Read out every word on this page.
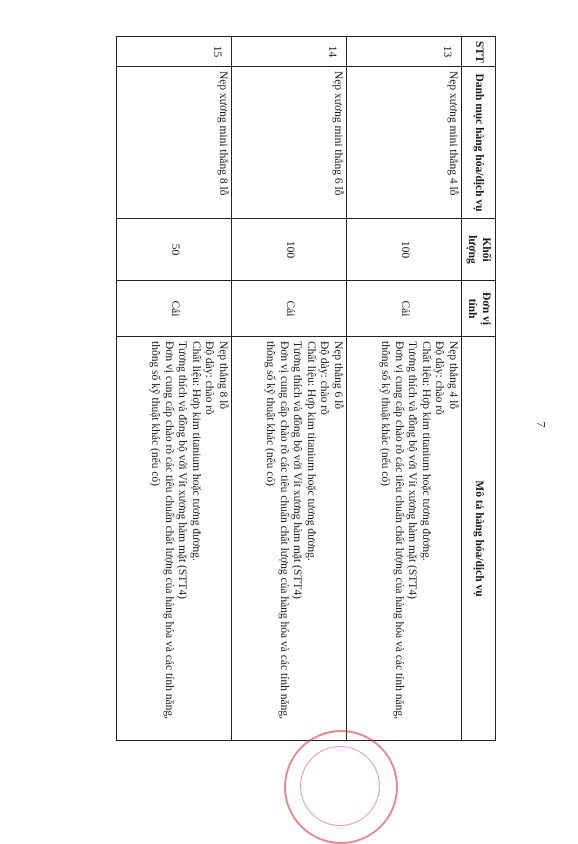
7
STT	Danh mục hàng hóa/dịch vụ	Khối lượng	Đơn vị tính	Mô tả hàng hóa/dịch vụ
13	Nẹp xương mini thẳng 4 lỗ	100	Cái	Nẹp thẳng 4 lỗ
Độ dày: chào rõ
Chất liệu: Hợp kim titanium hoặc tương đương.
Tương thích và đồng bộ với Vít xương hàm mặt (STT4)
Đơn vị cung cấp chào rõ các tiêu chuẩn chất lượng của hàng hóa và các tính năng, thông số kỹ thuật khác (nếu có)

14	Nẹp xương mini thẳng 6 lỗ	100	Cái	Nẹp thẳng 6 lỗ
Độ dày: chào rõ
Chất liệu: Hợp kim titanium hoặc tương đương.
Tương thích và đồng bộ với Vít xương hàm mặt (STT4)
Đơn vị cung cấp chào rõ các tiêu chuẩn chất lượng của hàng hóa và các tính năng, thông số kỹ thuật khác (nếu có)

15	Nẹp xương mini thẳng 8 lỗ	50	Cái	Nẹp thẳng 8 lỗ
Độ dày: chào rõ
Chất liệu: Hợp kim titanium hoặc tương đương.
Tương thích và đồng bộ với Vít xương hàm mặt (STT4)
Đơn vị cung cấp chào rõ các tiêu chuẩn chất lượng của hàng hóa và các tính năng, thông số kỹ thuật khác (nếu có)
